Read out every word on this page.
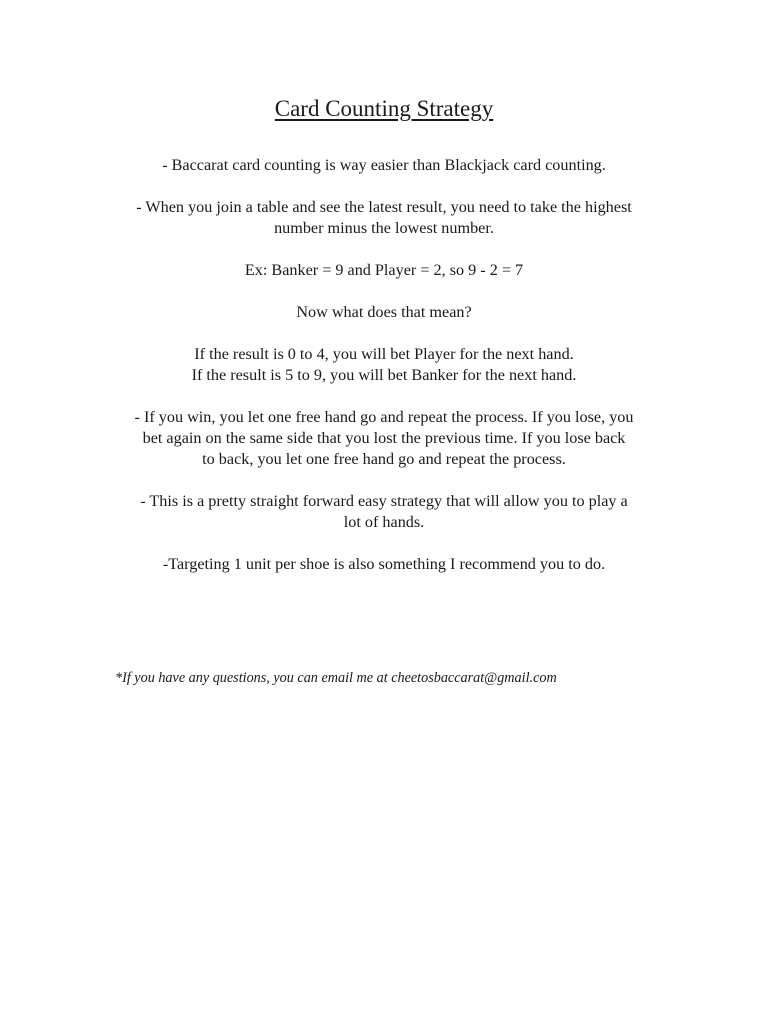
Card Counting Strategy

- Baccarat card counting is way easier than Blackjack card counting.

- When you join a table and see the latest result, you need to take the highest
number minus the lowest number.

Ex: Banker = 9 and Player = 2, so 9 - 2 = 7

Now what does that mean?

If the result is 0 to 4, you will bet Player for the next hand.
If the result is 5 to 9, you will bet Banker for the next hand.

- If you win, you let one free hand go and repeat the process. If you lose, you
bet again on the same side that you lost the previous time. If you lose back
to back, you let one free hand go and repeat the process.

- This is a pretty straight forward easy strategy that will allow you to play a
lot of hands.

-Targeting 1 unit per shoe is also something I recommend you to do.

*If you have any questions, you can email me at cheetosbaccarat@gmail.com
